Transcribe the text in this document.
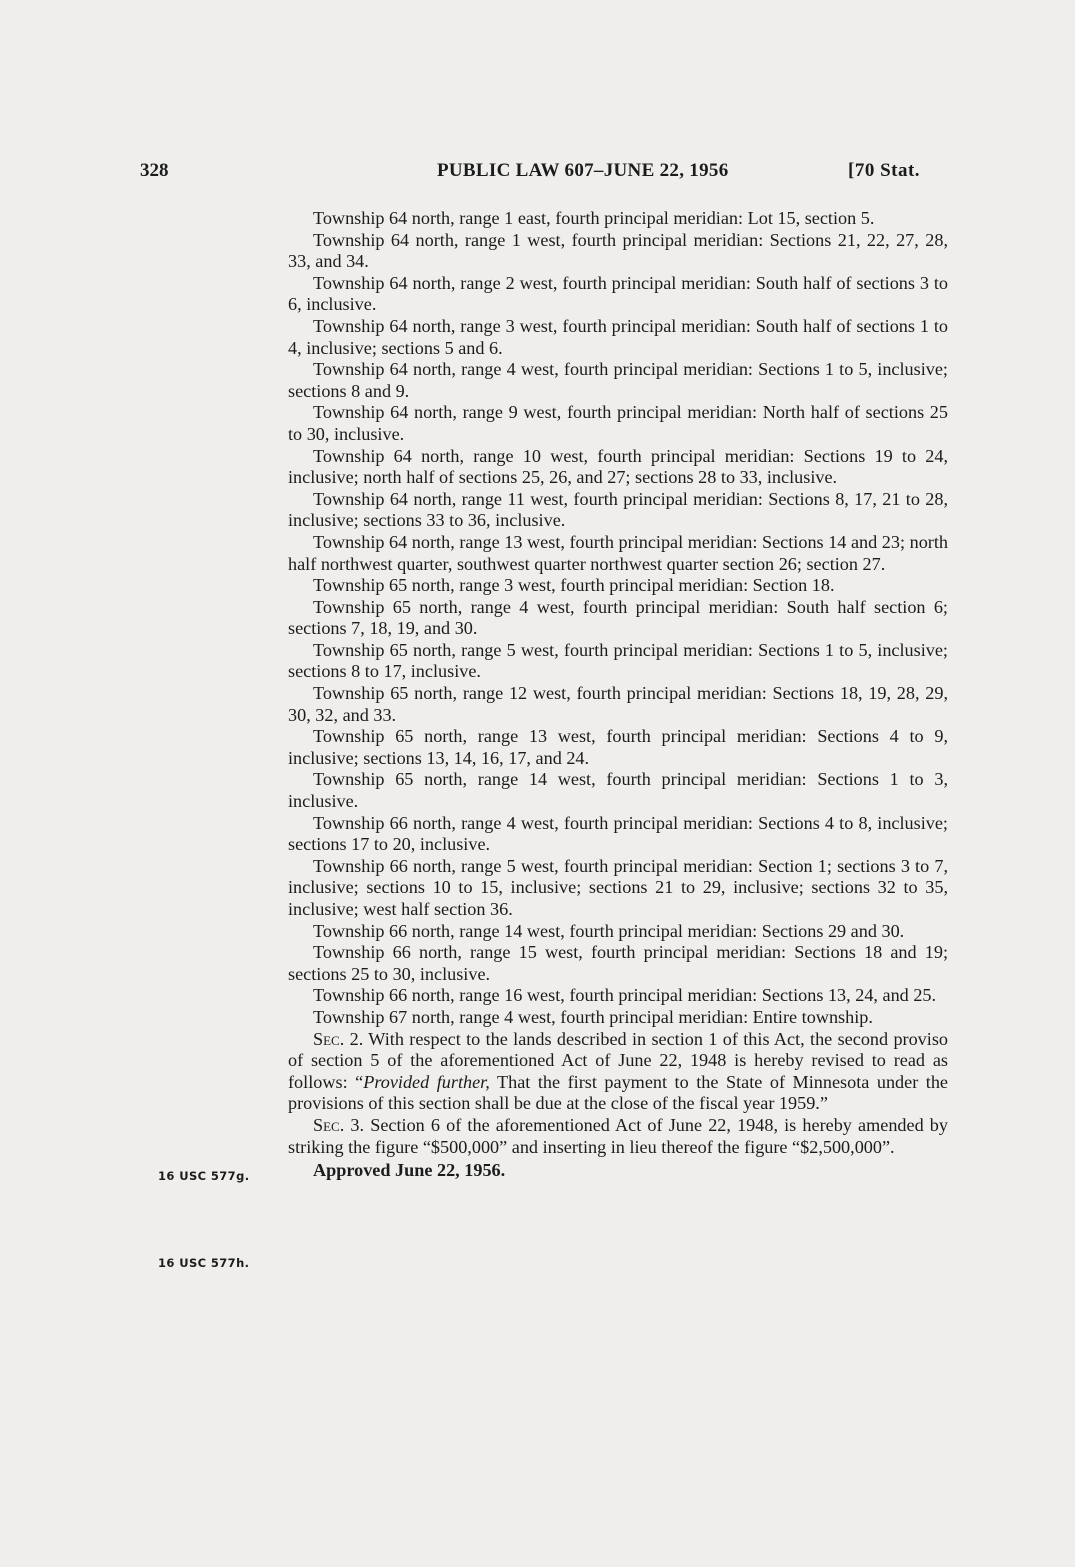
328	PUBLIC LAW 607–JUNE 22, 1956	[70 Stat.

Township 64 north, range 1 east, fourth principal meridian: Lot 15, section 5.

Township 64 north, range 1 west, fourth principal meridian: Sections 21, 22, 27, 28, 33, and 34.

Township 64 north, range 2 west, fourth principal meridian: South half of sections 3 to 6, inclusive.

Township 64 north, range 3 west, fourth principal meridian: South half of sections 1 to 4, inclusive; sections 5 and 6.

Township 64 north, range 4 west, fourth principal meridian: Sections 1 to 5, inclusive; sections 8 and 9.

Township 64 north, range 9 west, fourth principal meridian: North half of sections 25 to 30, inclusive.

Township 64 north, range 10 west, fourth principal meridian: Sections 19 to 24, inclusive; north half of sections 25, 26, and 27; sections 28 to 33, inclusive.

Township 64 north, range 11 west, fourth principal meridian: Sections 8, 17, 21 to 28, inclusive; sections 33 to 36, inclusive.

Township 64 north, range 13 west, fourth principal meridian: Sections 14 and 23; north half northwest quarter, southwest quarter northwest quarter section 26; section 27.

Township 65 north, range 3 west, fourth principal meridian: Section 18.

Township 65 north, range 4 west, fourth principal meridian: South half section 6; sections 7, 18, 19, and 30.

Township 65 north, range 5 west, fourth principal meridian: Sections 1 to 5, inclusive; sections 8 to 17, inclusive.

Township 65 north, range 12 west, fourth principal meridian: Sections 18, 19, 28, 29, 30, 32, and 33.

Township 65 north, range 13 west, fourth principal meridian: Sections 4 to 9, inclusive; sections 13, 14, 16, 17, and 24.

Township 65 north, range 14 west, fourth principal meridian: Sections 1 to 3, inclusive.

Township 66 north, range 4 west, fourth principal meridian: Sections 4 to 8, inclusive; sections 17 to 20, inclusive.

Township 66 north, range 5 west, fourth principal meridian: Section 1; sections 3 to 7, inclusive; sections 10 to 15, inclusive; sections 21 to 29, inclusive; sections 32 to 35, inclusive; west half section 36.

Township 66 north, range 14 west, fourth principal meridian: Sections 29 and 30.

Township 66 north, range 15 west, fourth principal meridian: Sections 18 and 19; sections 25 to 30, inclusive.

Township 66 north, range 16 west, fourth principal meridian: Sections 13, 24, and 25.

Township 67 north, range 4 west, fourth principal meridian: Entire township.

Sec. 2. With respect to the lands described in section 1 of this Act, the second proviso of section 5 of the aforementioned Act of June 22, 1948 is hereby revised to read as follows: “Provided further, That the first payment to the State of Minnesota under the provisions of this section shall be due at the close of the fiscal year 1959.”

Sec. 3. Section 6 of the aforementioned Act of June 22, 1948, is hereby amended by striking the figure “$500,000” and inserting in lieu thereof the figure “$2,500,000”.

Approved June 22, 1956.

16 USC 577g.
16 USC 577h.
